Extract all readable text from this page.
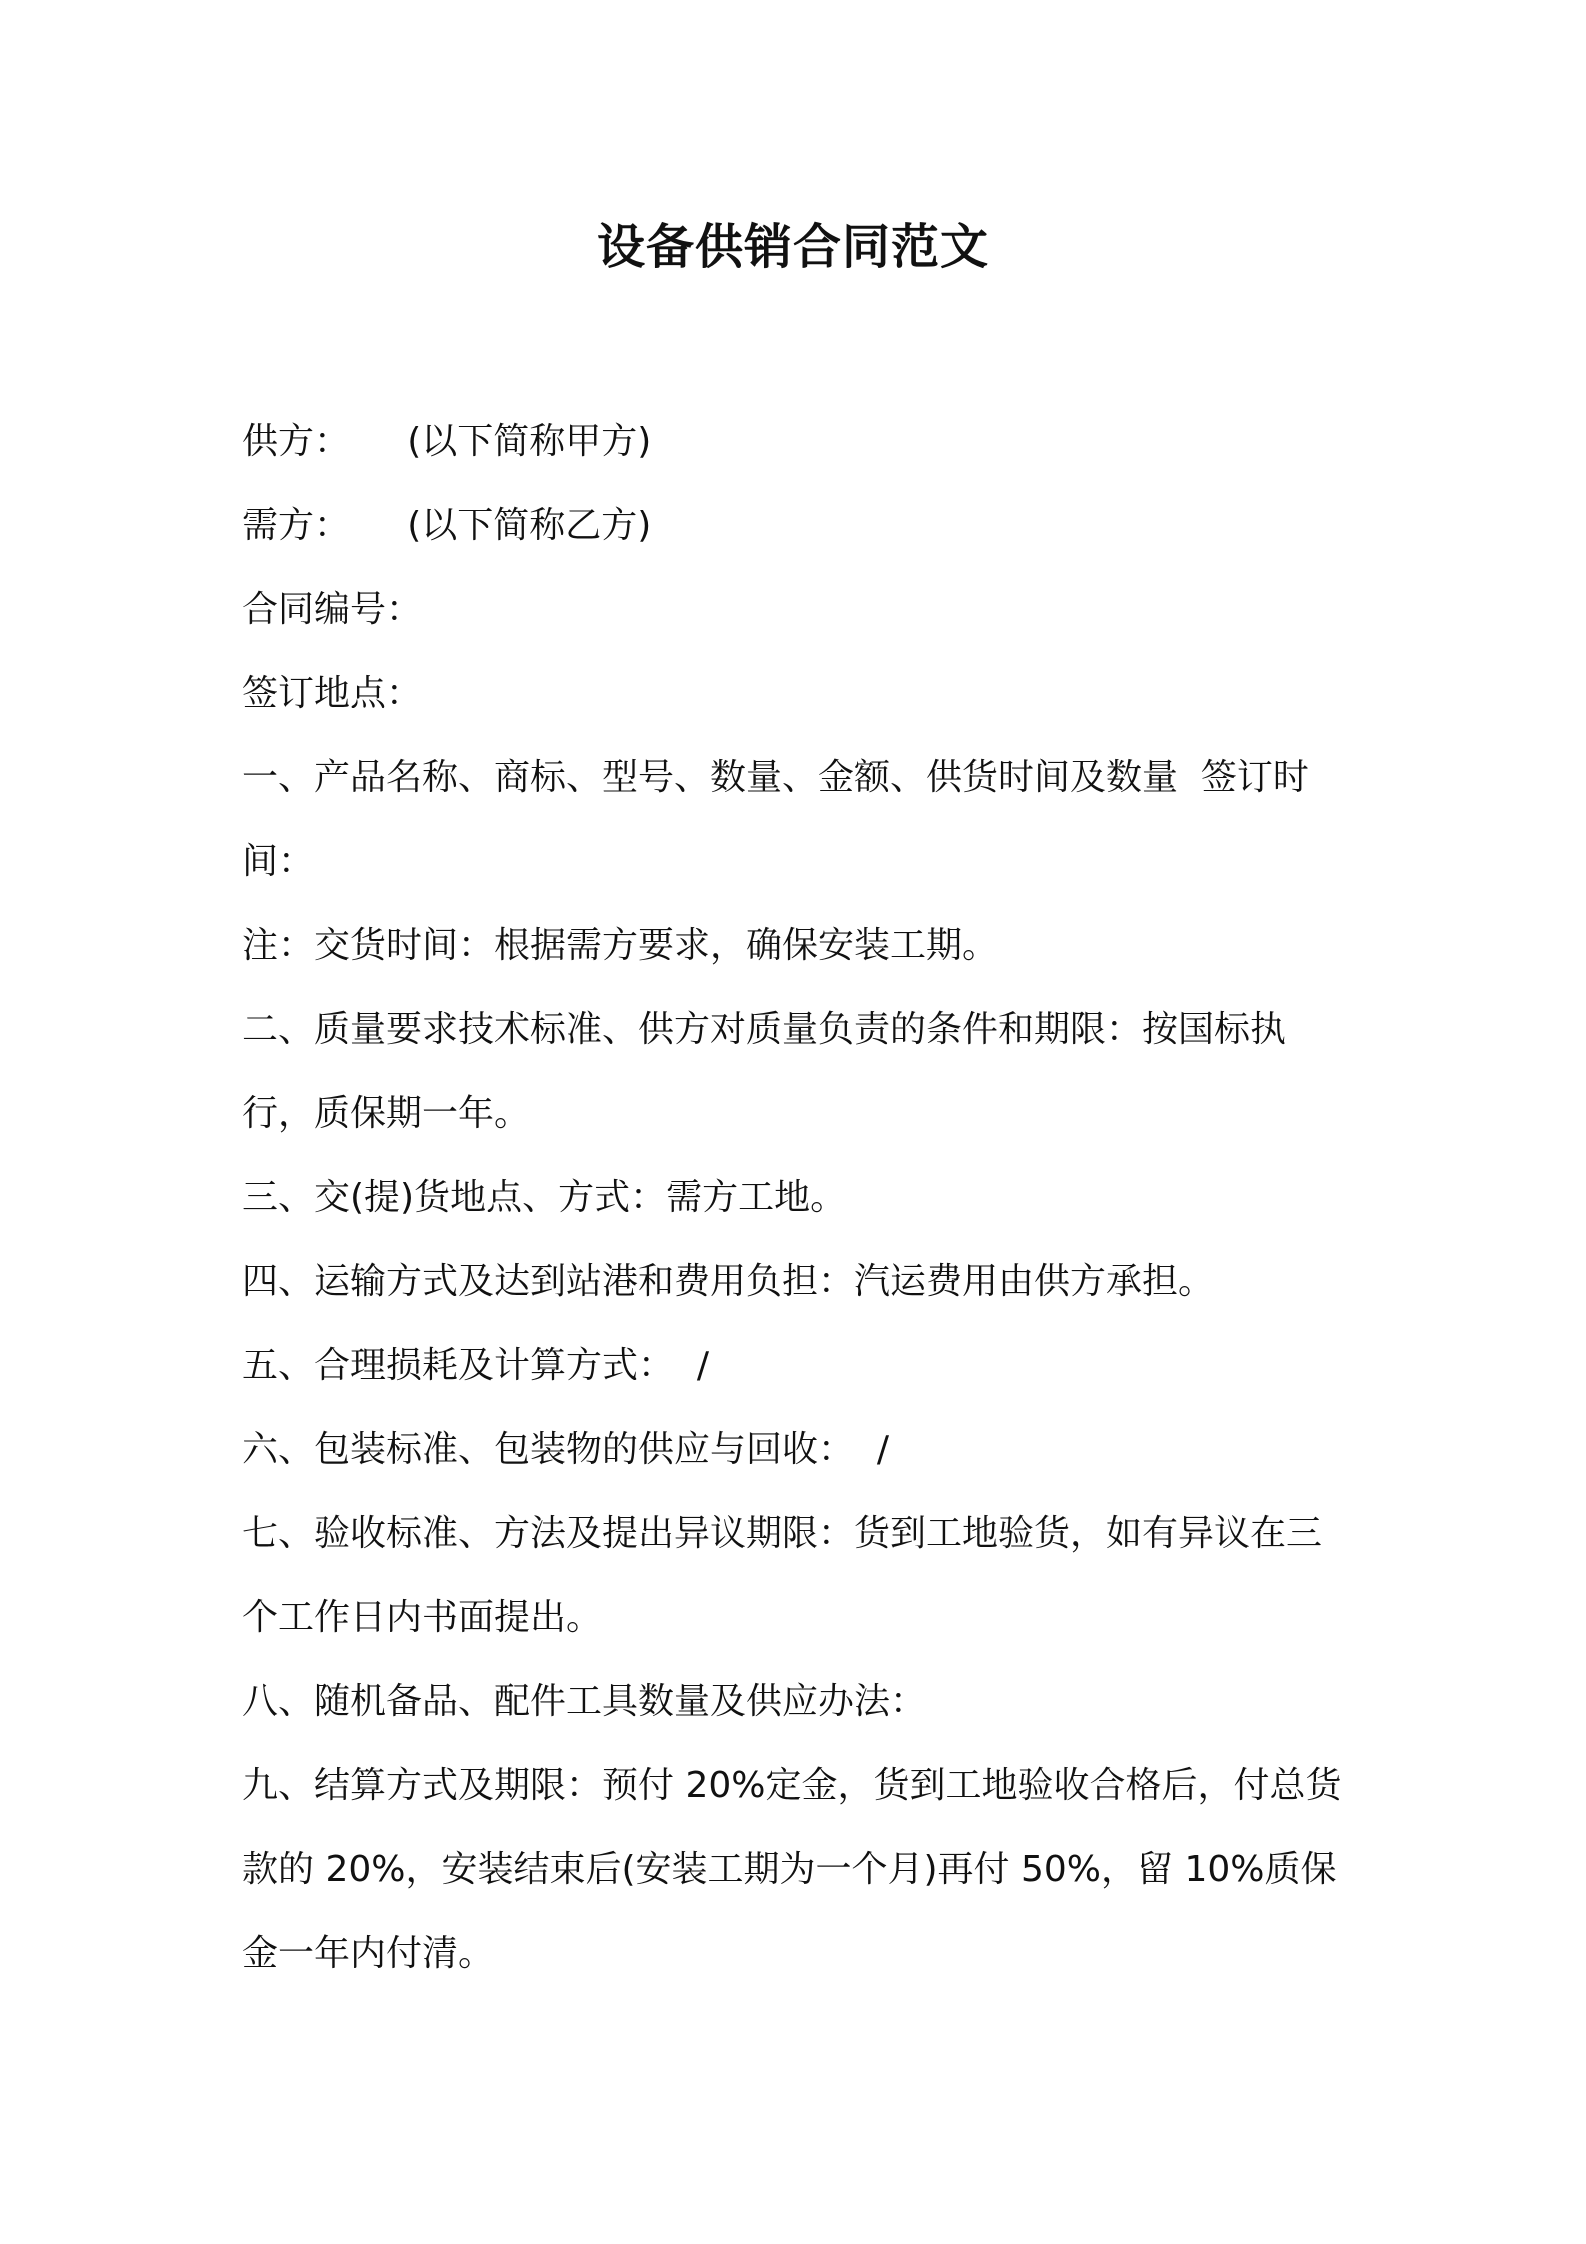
设备供销合同范文

供方：     (以下简称甲方)

需方：     (以下简称乙方)

合同编号：

签订地点：

一、产品名称、商标、型号、数量、金额、供货时间及数量  签订时间：

注：交货时间：根据需方要求，确保安装工期。

二、质量要求技术标准、供方对质量负责的条件和期限：按国标执行，质保期一年。

三、交(提)货地点、方式：需方工地。

四、运输方式及达到站港和费用负担：汽运费用由供方承担。

五、合理损耗及计算方式：  /

六、包装标准、包装物的供应与回收：  /

七、验收标准、方法及提出异议期限：货到工地验货，如有异议在三个工作日内书面提出。

八、随机备品、配件工具数量及供应办法：

九、结算方式及期限：预付 20%定金，货到工地验收合格后，付总货款的 20%，安装结束后(安装工期为一个月)再付 50%，留 10%质保金一年内付清。
